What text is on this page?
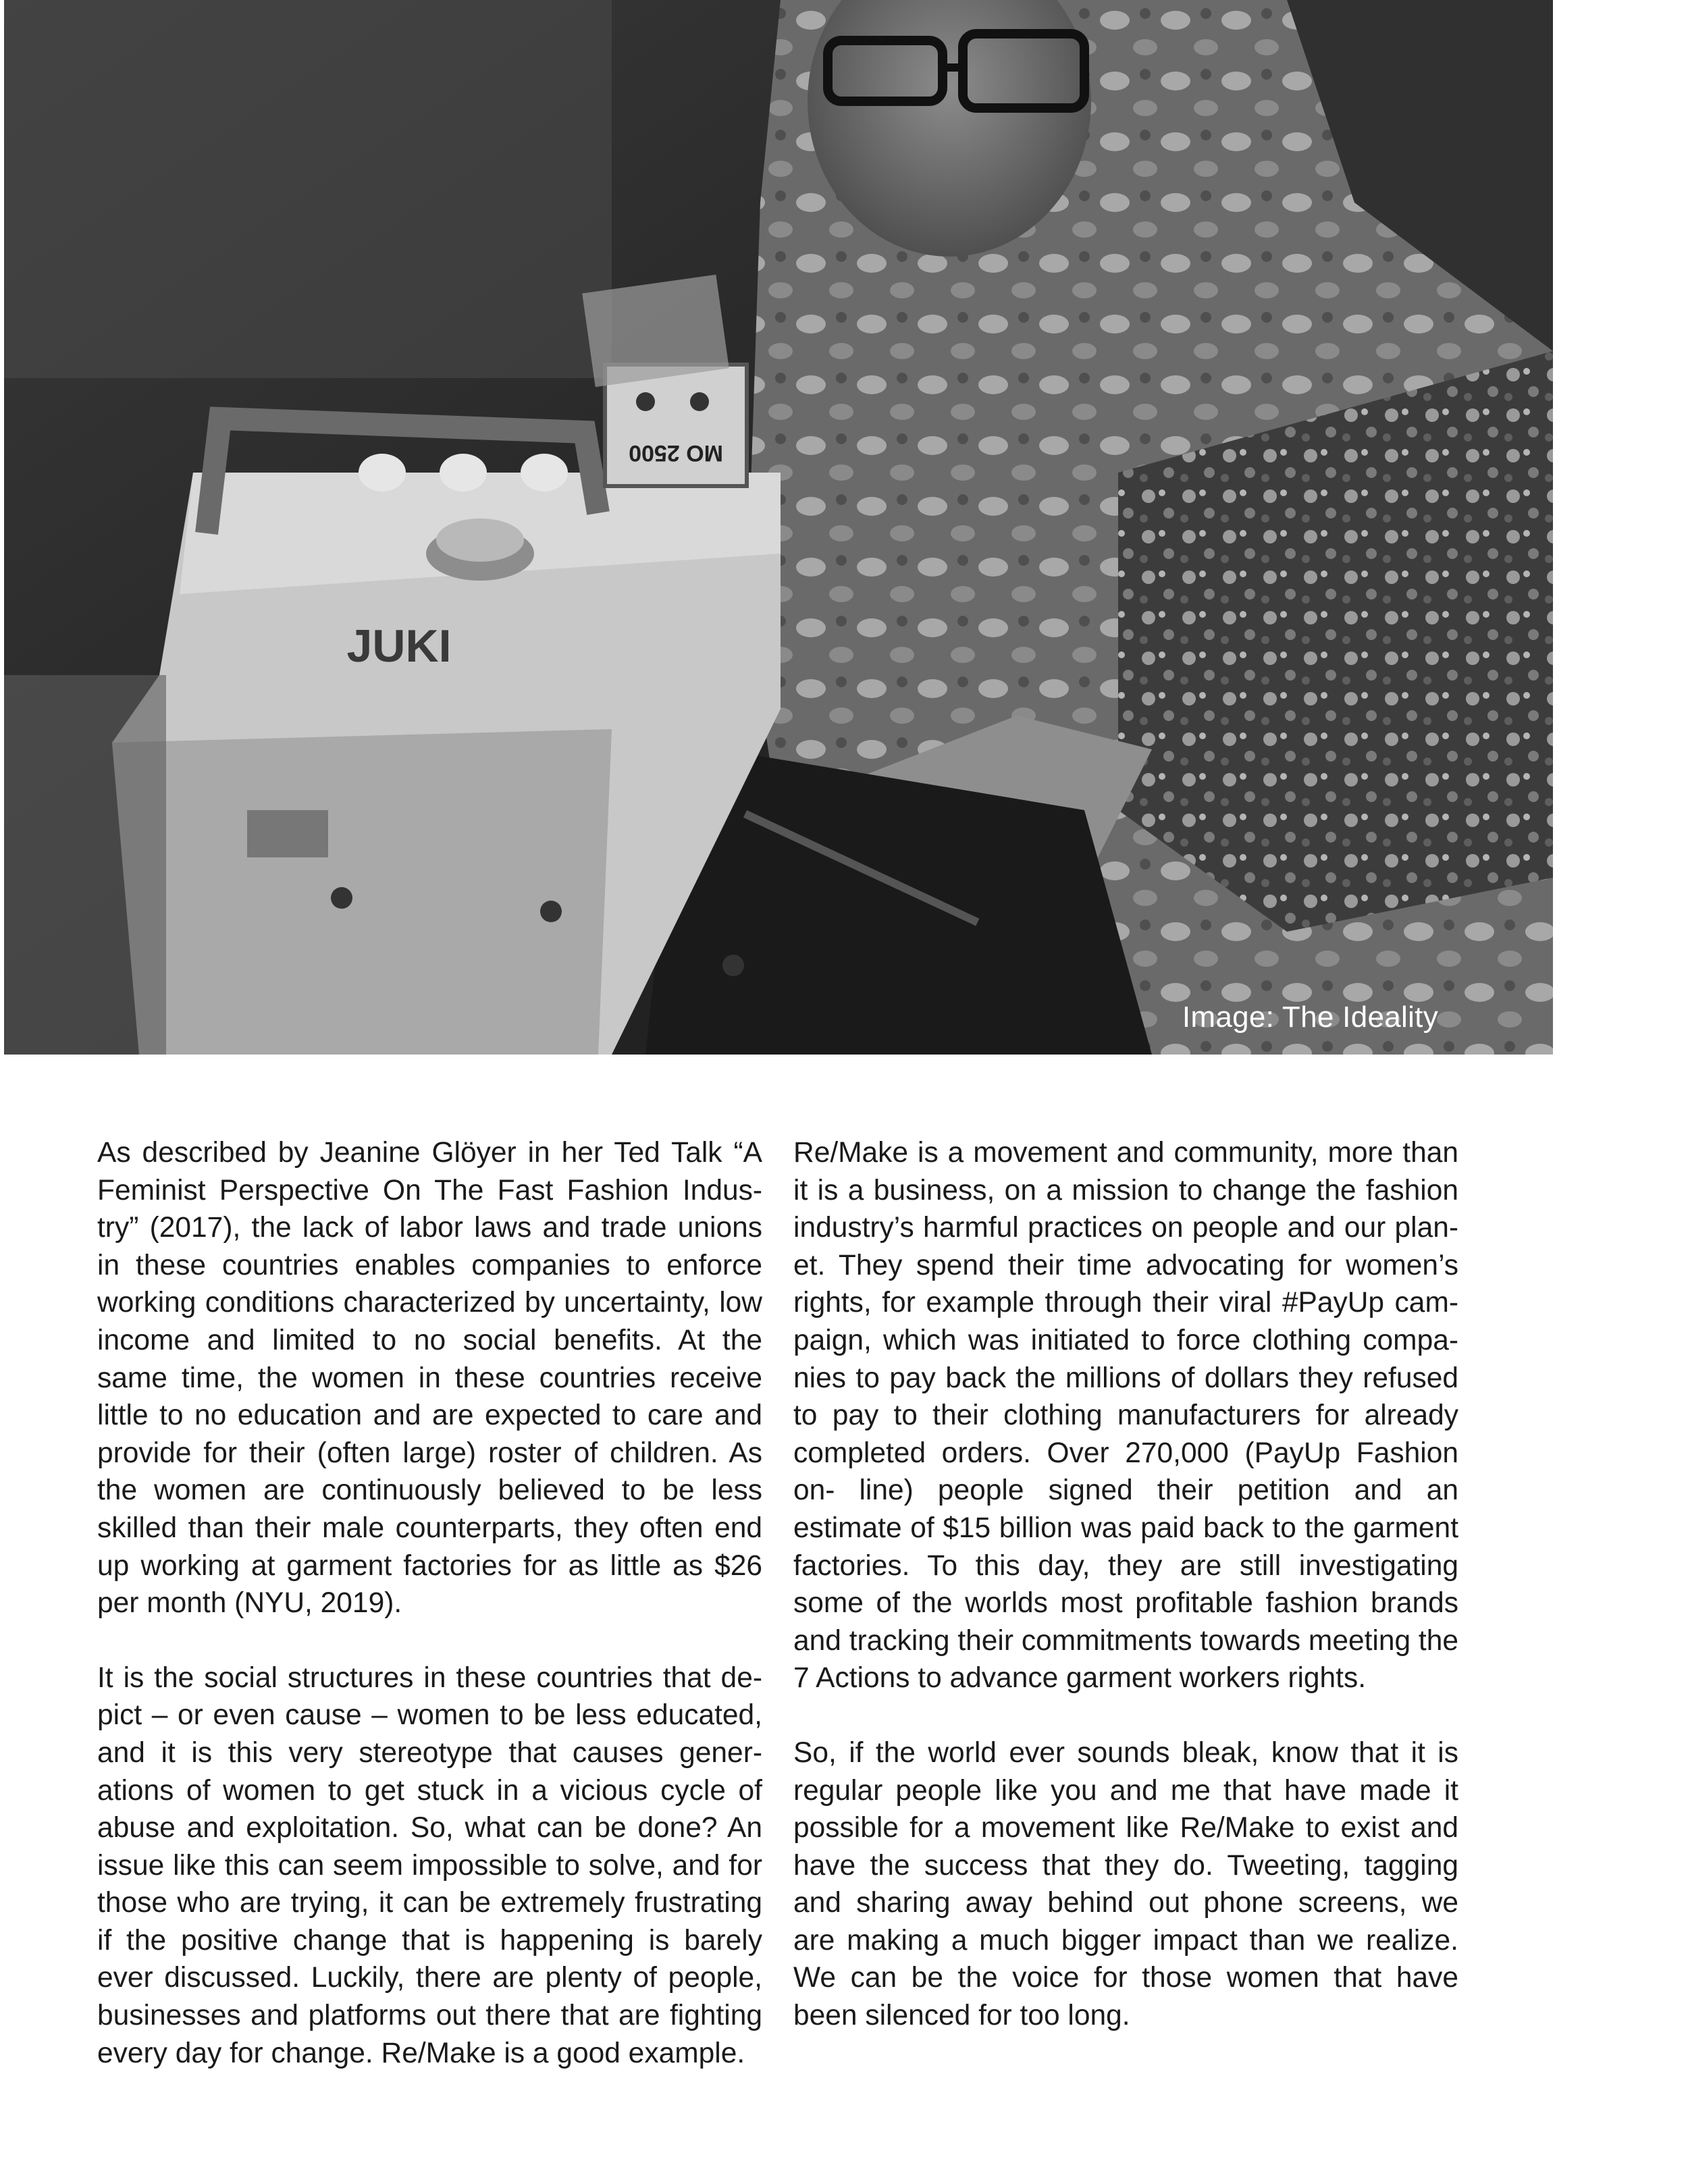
MO 2500
JUKI
Image: The Ideality

As described by Jeanine Glöyer in her Ted Talk “A Feminist Perspective On The Fast Fashion Indus- try” (2017), the lack of labor laws and trade unions in these countries enables companies to enforce working conditions characterized by uncertainty, low income and limited to no social benefits. At the same time, the women in these countries receive little to no education and are expected to care and provide for their (often large) roster of children. As the women are continuously believed to be less skilled than their male counterparts, they often end up working at garment factories for as little as $26 per month (NYU, 2019).

It is the social structures in these countries that de- pict – or even cause – women to be less educated, and it is this very stereotype that causes gener- ations of women to get stuck in a vicious cycle of abuse and exploitation. So, what can be done? An issue like this can seem impossible to solve, and for those who are trying, it can be extremely frustrating if the positive change that is happening is barely ever discussed. Luckily, there are plenty of people, businesses and platforms out there that are fighting every day for change. Re/Make is a good example.

Re/Make is a movement and community, more than it is a business, on a mission to change the fashion industry’s harmful practices on people and our plan- et. They spend their time advocating for women’s rights, for example through their viral #PayUp cam- paign, which was initiated to force clothing compa- nies to pay back the millions of dollars they refused to pay to their clothing manufacturers for already completed orders. Over 270,000 (PayUp Fashion on- line) people signed their petition and an estimate of $15 billion was paid back to the garment factories. To this day, they are still investigating some of the worlds most profitable fashion brands and tracking their commitments towards meeting the 7 Actions to advance garment workers rights.

So, if the world ever sounds bleak, know that it is regular people like you and me that have made it possible for a movement like Re/Make to exist and have the success that they do. Tweeting, tagging and sharing away behind out phone screens, we are making a much bigger impact than we realize. We can be the voice for those women that have been silenced for too long.
